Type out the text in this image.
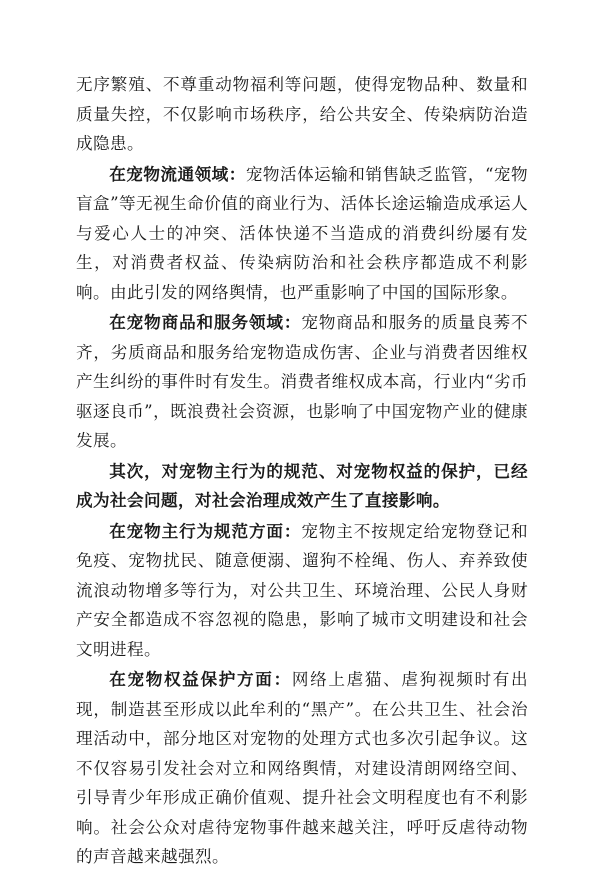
无序繁殖、不尊重动物福利等问题，使得宠物品种、数量和质量失控，不仅影响市场秩序，给公共安全、传染病防治造成隐患。

在宠物流通领域：宠物活体运输和销售缺乏监管，“宠物盲盒”等无视生命价值的商业行为、活体长途运输造成承运人与爱心人士的冲突、活体快递不当造成的消费纠纷屡有发生，对消费者权益、传染病防治和社会秩序都造成不利影响。由此引发的网络舆情，也严重影响了中国的国际形象。

在宠物商品和服务领域：宠物商品和服务的质量良莠不齐，劣质商品和服务给宠物造成伤害、企业与消费者因维权产生纠纷的事件时有发生。消费者维权成本高，行业内“劣币驱逐良币”，既浪费社会资源，也影响了中国宠物产业的健康发展。

其次，对宠物主行为的规范、对宠物权益的保护，已经成为社会问题，对社会治理成效产生了直接影响。

在宠物主行为规范方面：宠物主不按规定给宠物登记和免疫、宠物扰民、随意便溺、遛狗不栓绳、伤人、弃养致使流浪动物增多等行为，对公共卫生、环境治理、公民人身财产安全都造成不容忽视的隐患，影响了城市文明建设和社会文明进程。

在宠物权益保护方面：网络上虐猫、虐狗视频时有出现，制造甚至形成以此牟利的“黑产”。在公共卫生、社会治理活动中，部分地区对宠物的处理方式也多次引起争议。这不仅容易引发社会对立和网络舆情，对建设清朗网络空间、引导青少年形成正确价值观、提升社会文明程度也有不利影响。社会公众对虐待宠物事件越来越关注，呼吁反虐待动物的声音越来越强烈。
